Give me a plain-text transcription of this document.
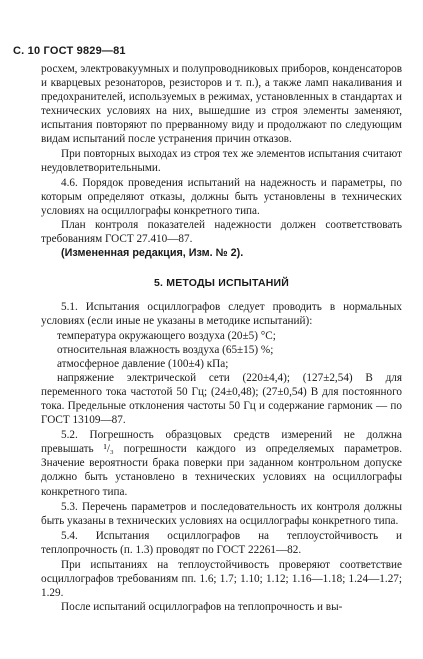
С. 10 ГОСТ 9829—81

росхем, электровакуумных и полупроводниковых приборов, конденсаторов и кварцевых резонаторов, резисторов и т. п.), а также ламп накаливания и предохранителей, используемых в режимах, установленных в стандартах и технических условиях на них, вышедшие из строя элементы заменяют, испытания повторяют по прерванному виду и продолжают по следующим видам испытаний после устранения причин отказов.

При повторных выходах из строя тех же элементов испытания считают неудовлетворительными.

4.6. Порядок проведения испытаний на надежность и параметры, по которым определяют отказы, должны быть установлены в технических условиях на осциллографы конкретного типа.

План контроля показателей надежности должен соответствовать требованиям ГОСТ 27.410—87.

(Измененная редакция, Изм. № 2).

5. МЕТОДЫ ИСПЫТАНИЙ

5.1. Испытания осциллографов следует проводить в нормальных условиях (если иные не указаны в методике испытаний):

температура окружающего воздуха (20±5) °С;

относительная влажность воздуха (65±15) %;

атмосферное давление (100±4) кПа;

напряжение электрической сети (220±4,4); (127±2,54) В для переменного тока частотой 50 Гц; (24±0,48); (27±0,54) В для постоянного тока. Предельные отклонения частоты 50 Гц и содержание гармоник — по ГОСТ 13109—87.

5.2. Погрешность образцовых средств измерений не должна превышать ¹/₃ погрешности каждого из определяемых параметров. Значение вероятности брака поверки при заданном контрольном допуске должно быть установлено в технических условиях на осциллографы конкретного типа.

5.3. Перечень параметров и последовательность их контроля должны быть указаны в технических условиях на осциллографы конкретного типа.

5.4. Испытания осциллографов на теплоустойчивость и теплопрочность (п. 1.3) проводят по ГОСТ 22261—82.

При испытаниях на теплоустойчивость проверяют соответствие осциллографов требованиям пп. 1.6; 1.7; 1.10; 1.12; 1.16—1.18; 1.24—1.27; 1.29.

После испытаний осциллографов на теплопрочность и вы-
